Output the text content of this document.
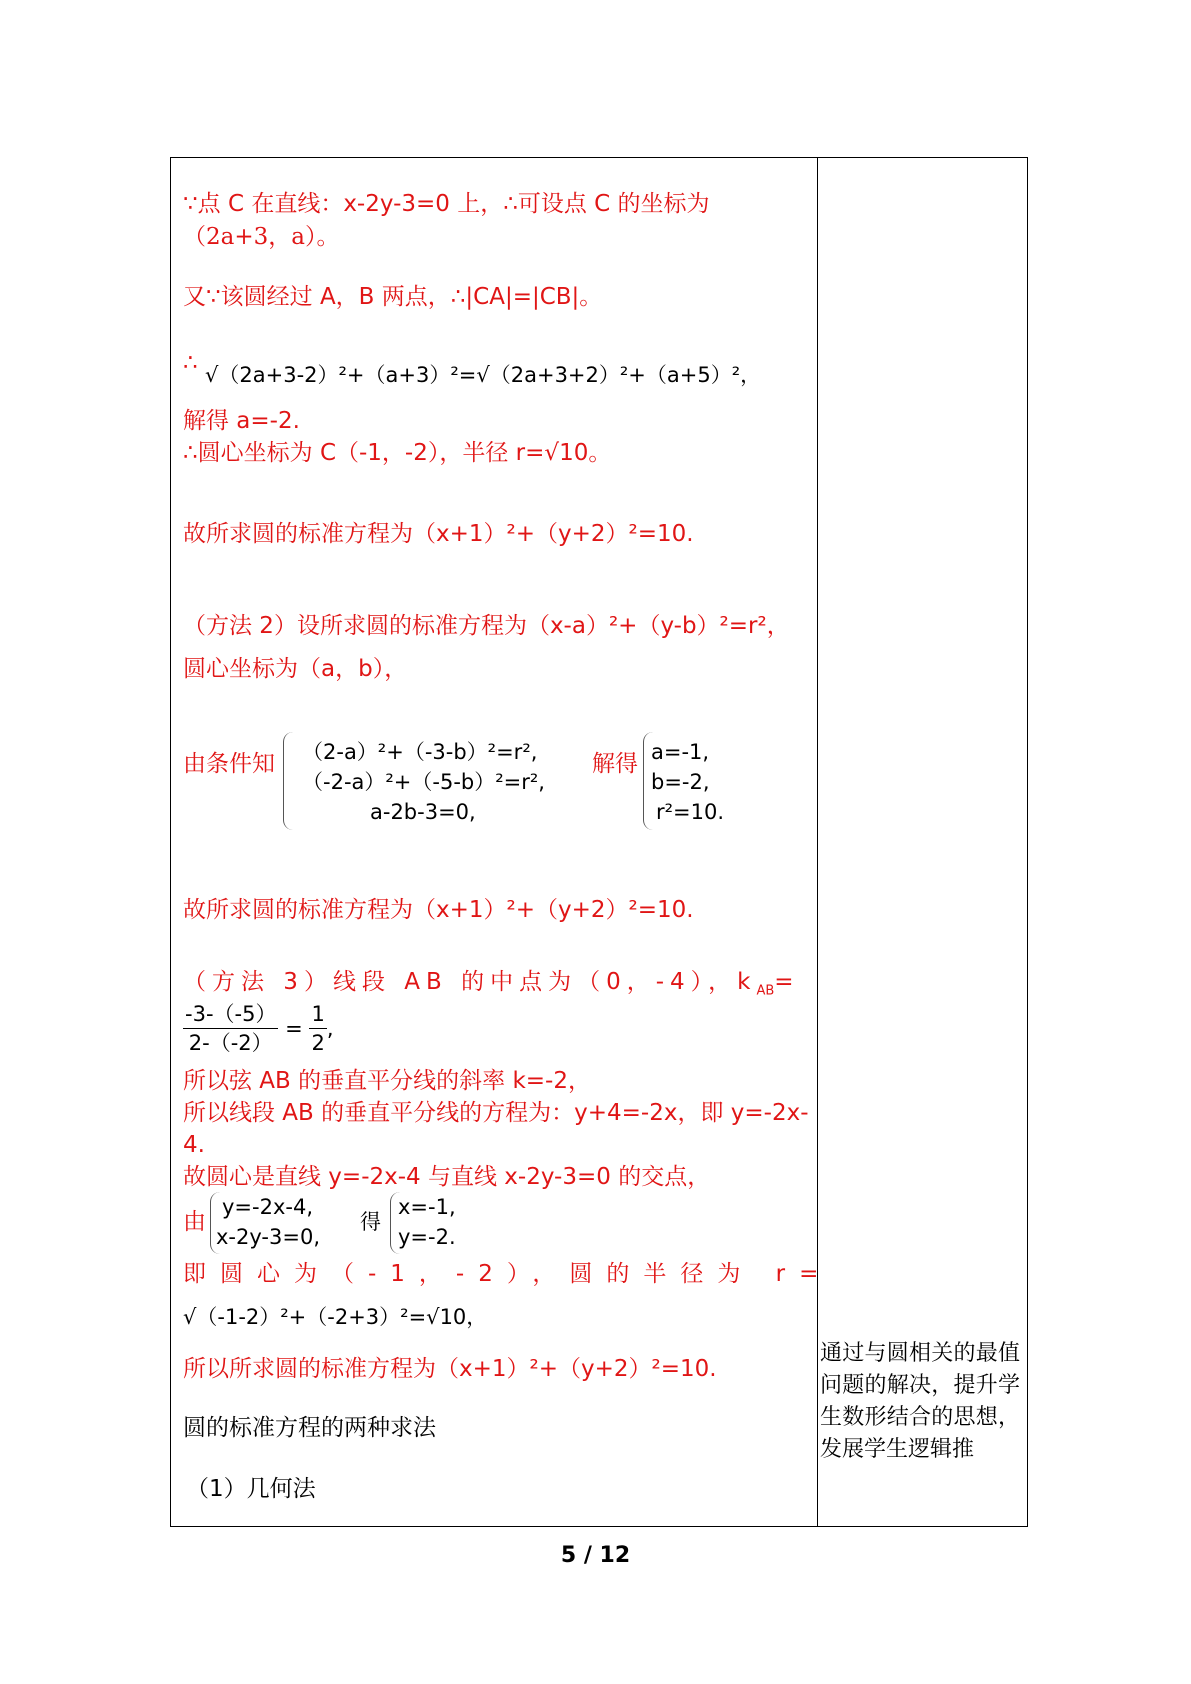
∵点 C 在直线：x-2y-3=0 上，∴可设点 C 的坐标为
（2a+3，a）。
又∵该圆经过 A，B 两点，∴|CA|=|CB|。
∴ √（2a+3-2）²+（a+3）²=√（2a+3+2）²+（a+5）²，
解得 a=-2.
∴圆心坐标为 C（-1，-2），半径 r=√10。
故所求圆的标准方程为（x+1）²+（y+2）²=10.
（方法 2）设所求圆的标准方程为（x-a）²+（y-b）²=r²，
圆心坐标为（a，b），
由条件知 （2-a）²+（-3-b）²=r²,
（-2-a）²+（-5-b）²=r²,
a-2b-3=0,
解得 a=-1,
b=-2,
r²=10.
故所求圆的标准方程为（x+1）²+（y+2）²=10.
（方法 3）线段 AB 的中点为（0，-4），$k_{AB}=$
$\frac{-3-(-5)}{2-(-2)} = \frac{1}{2}$ ,
所以弦 AB 的垂直平分线的斜率 k=-2，
所以线段 AB 的垂直平分线的方程为：y+4=-2x，即 y=-2x-
4.
故圆心是直线 y=-2x-4 与直线 x-2y-3=0 的交点，
由
y=-2x-4,
x-2y-3=0,
得
x=-1,
y=-2.
即圆心为（-1，-2），圆的半径为 r=
√（-1-2）²+（-2+3）²=√10，
所以所求圆的标准方程为（x+1）²+（y+2）²=10.
圆的标准方程的两种求法
（1）几何法
通过与圆相关的最值问题的解决，提升学生数形结合的思想，发展学生逻辑推
5 / 12
